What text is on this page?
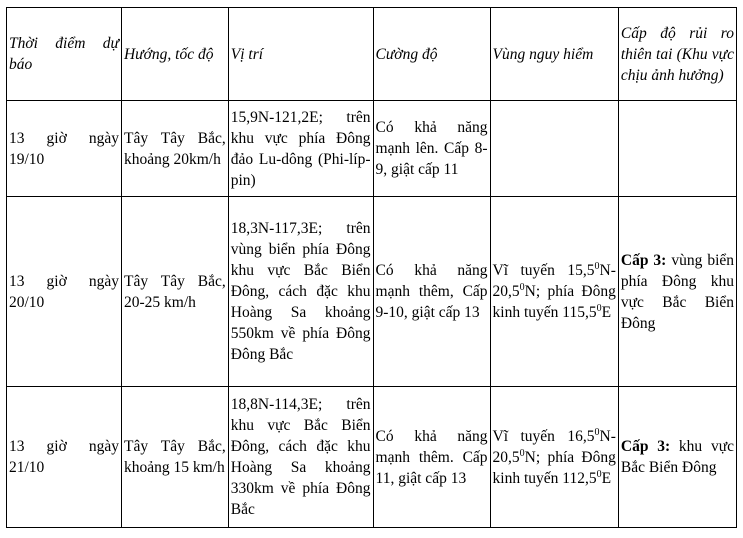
Thời điểm dự báo	Hướng, tốc độ	Vị trí	Cường độ	Vùng nguy hiểm	Cấp độ rủi ro thiên tai (Khu vực chịu ảnh hưởng)
13 giờ ngày 19/10	Tây Tây Bắc, khoảng 20km/h	15,9N-121,2E; trên khu vực phía Đông đảo Lu-dông (Phi-líp-pin)	Có khả năng mạnh lên. Cấp 8-9, giật cấp 11		
13 giờ ngày 20/10	Tây Tây Bắc, 20-25 km/h	18,3N-117,3E; trên vùng biển phía Đông khu vực Bắc Biển Đông, cách đặc khu Hoàng Sa khoảng 550km về phía Đông Đông Bắc	Có khả năng mạnh thêm, Cấp 9-10, giật cấp 13	Vĩ tuyến 15,5$^0$N-20,5$^0$N; phía Đông kinh tuyến 115,5$^0$E	Cấp 3: vùng biển phía Đông khu vực Bắc Biển Đông
13 giờ ngày 21/10	Tây Tây Bắc, khoảng 15 km/h	18,8N-114,3E; trên khu vực Bắc Biển Đông, cách đặc khu Hoàng Sa khoảng 330km về phía Đông Bắc	Có khả năng mạnh thêm. Cấp 11, giật cấp 13	Vĩ tuyến 16,5$^0$N-20,5$^0$N; phía Đông kinh tuyến 112,5$^0$E	Cấp 3: khu vực Bắc Biển Đông
